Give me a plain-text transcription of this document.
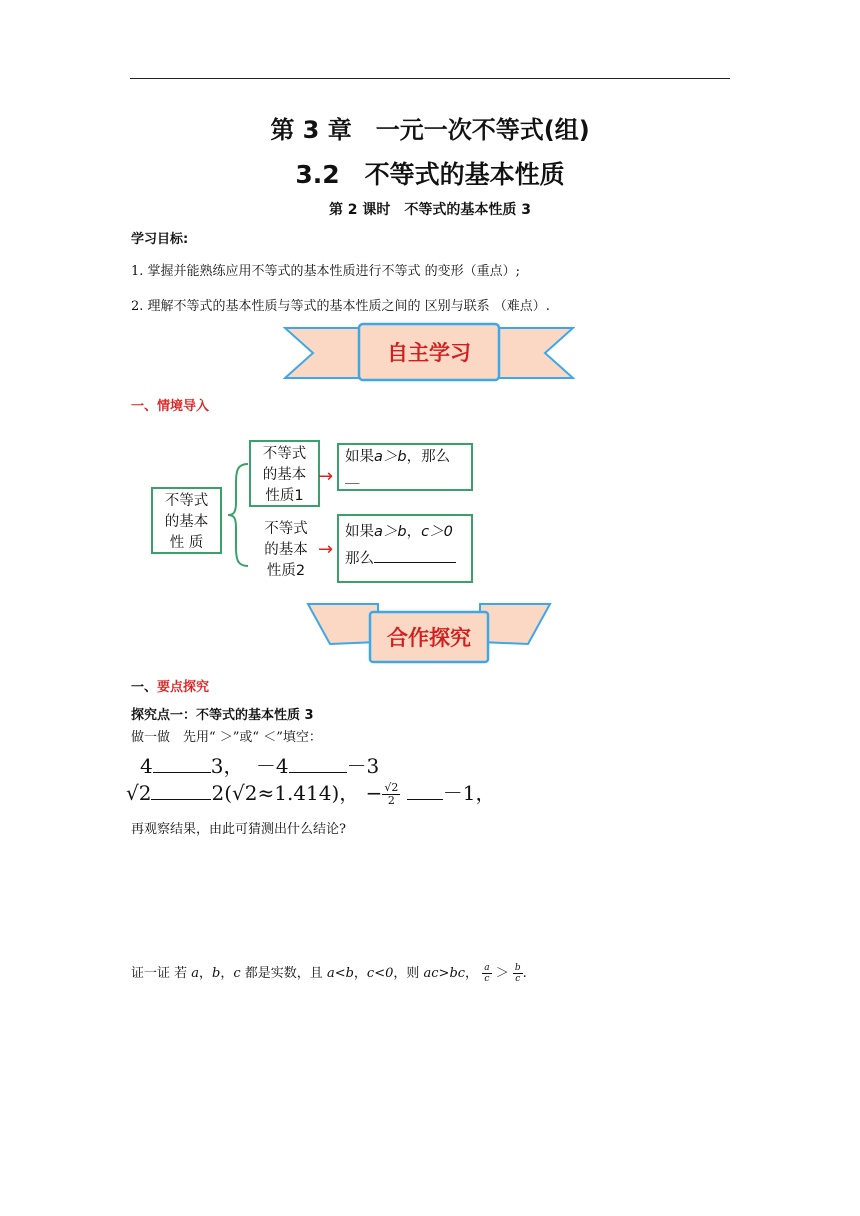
第 3 章　一元一次不等式(组)
3.2　不等式的基本性质
第 2 课时　不等式的基本性质 3
学习目标:
1. 掌握并能熟练应用不等式的基本性质进行不等式 的变形（重点）;
2. 理解不等式的基本性质与等式的基本性质之间的 区别与联系 （难点）.
自主学习
一、情境导入
不等式
的基本
性 质
不等式
的基本
性质1
→
如果a＞b，那么
＿
不等式
的基本
性质2
→
如果a＞b，c＞0
那么
合作探究
一、要点探究
探究点一：不等式的基本性质 3
做一做　先用“ ＞”或“ ＜”填空：
4	3， －4	－3
√2	2(√2≈1.414)， − $\frac{√2}{2} -1$，
再观察结果，由此可猜测出什么结论?
证一证 若 a，b，c 都是实数，且 a<b，c<0，则 ac>bc， $\frac{a}{c} > \frac{b}{c}$ .
